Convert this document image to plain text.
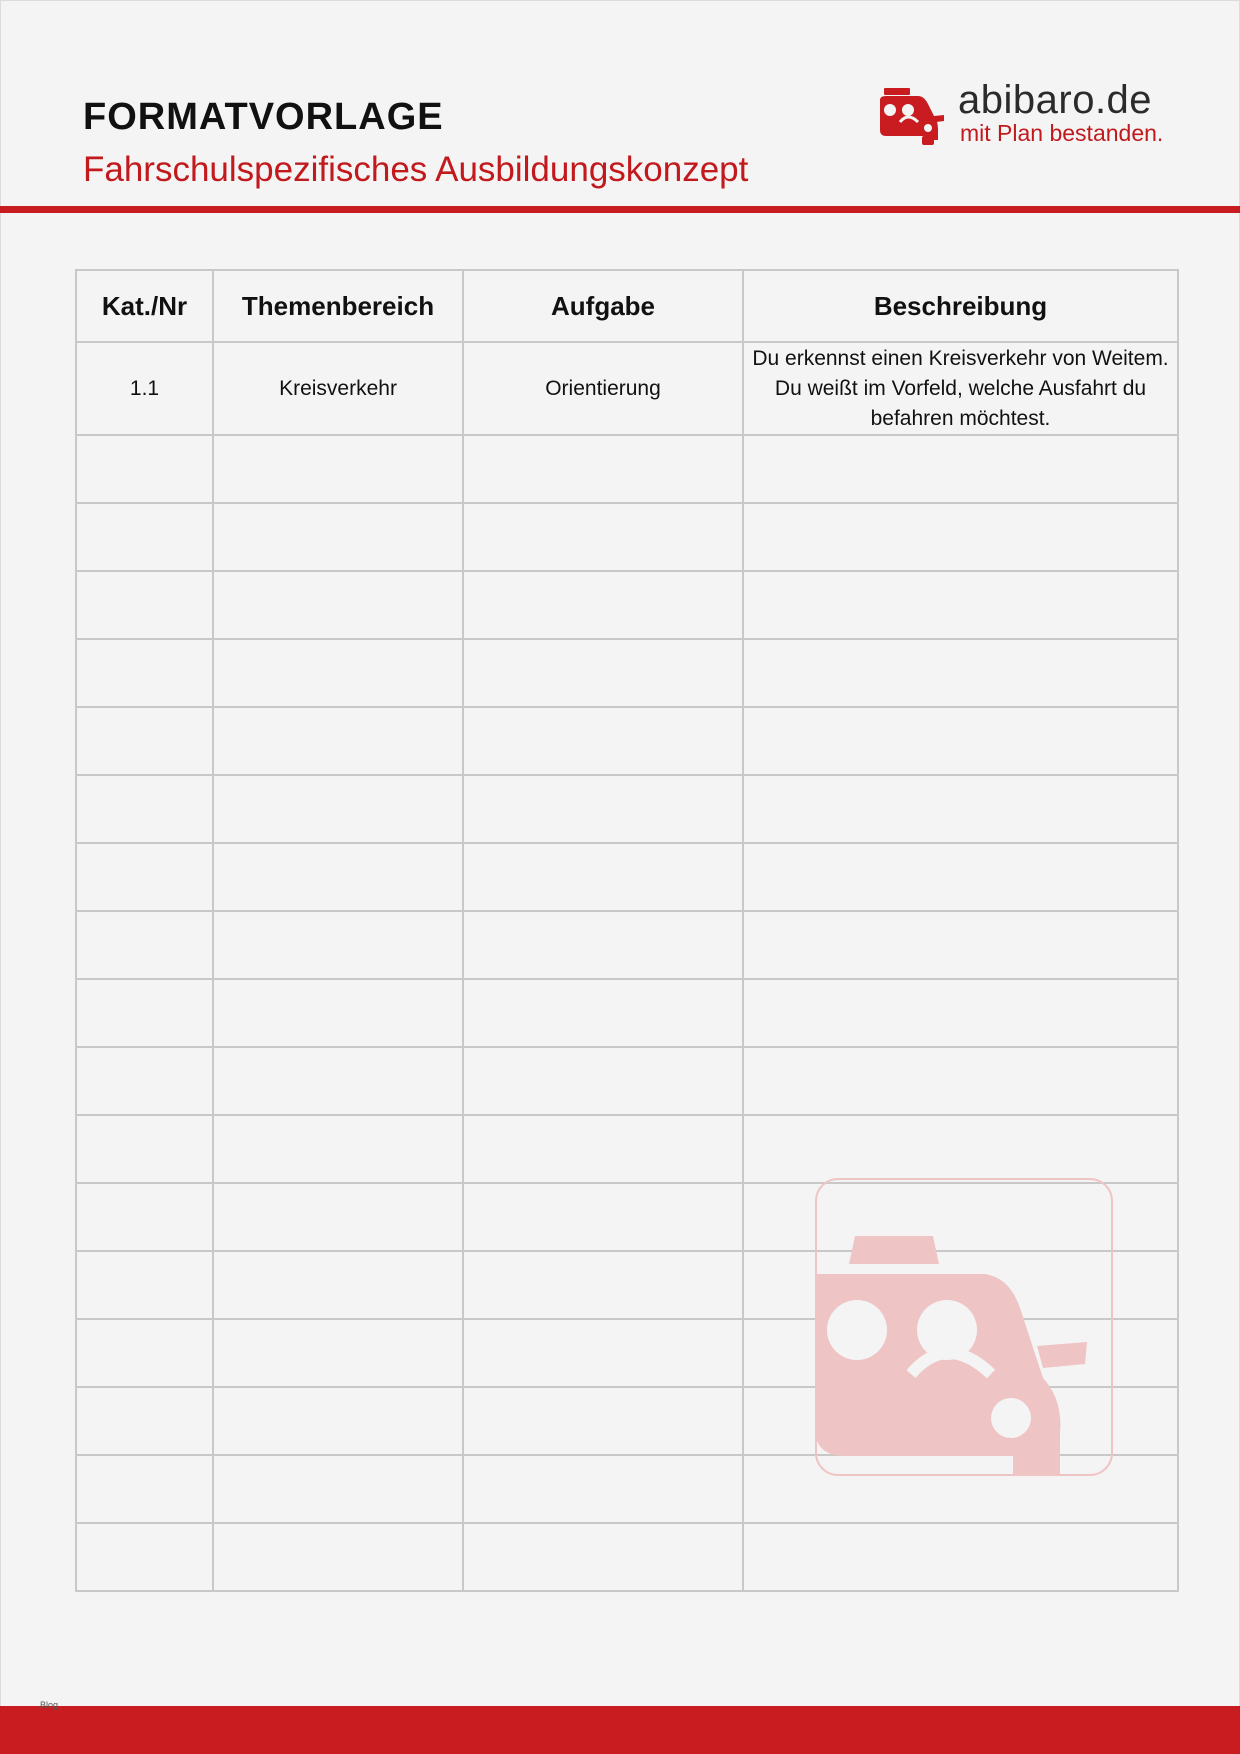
FORMATVORLAGE
Fahrschulspezifisches Ausbildungskonzept
abibaro.de
mit Plan bestanden.
Kat./Nr	Themenbereich	Aufgabe	Beschreibung
1.1	Kreisverkehr	Orientierung	Du erkennst einen Kreisverkehr von Weitem. Du weißt im Vorfeld, welche Ausfahrt du befahren möchtest.

Blog
